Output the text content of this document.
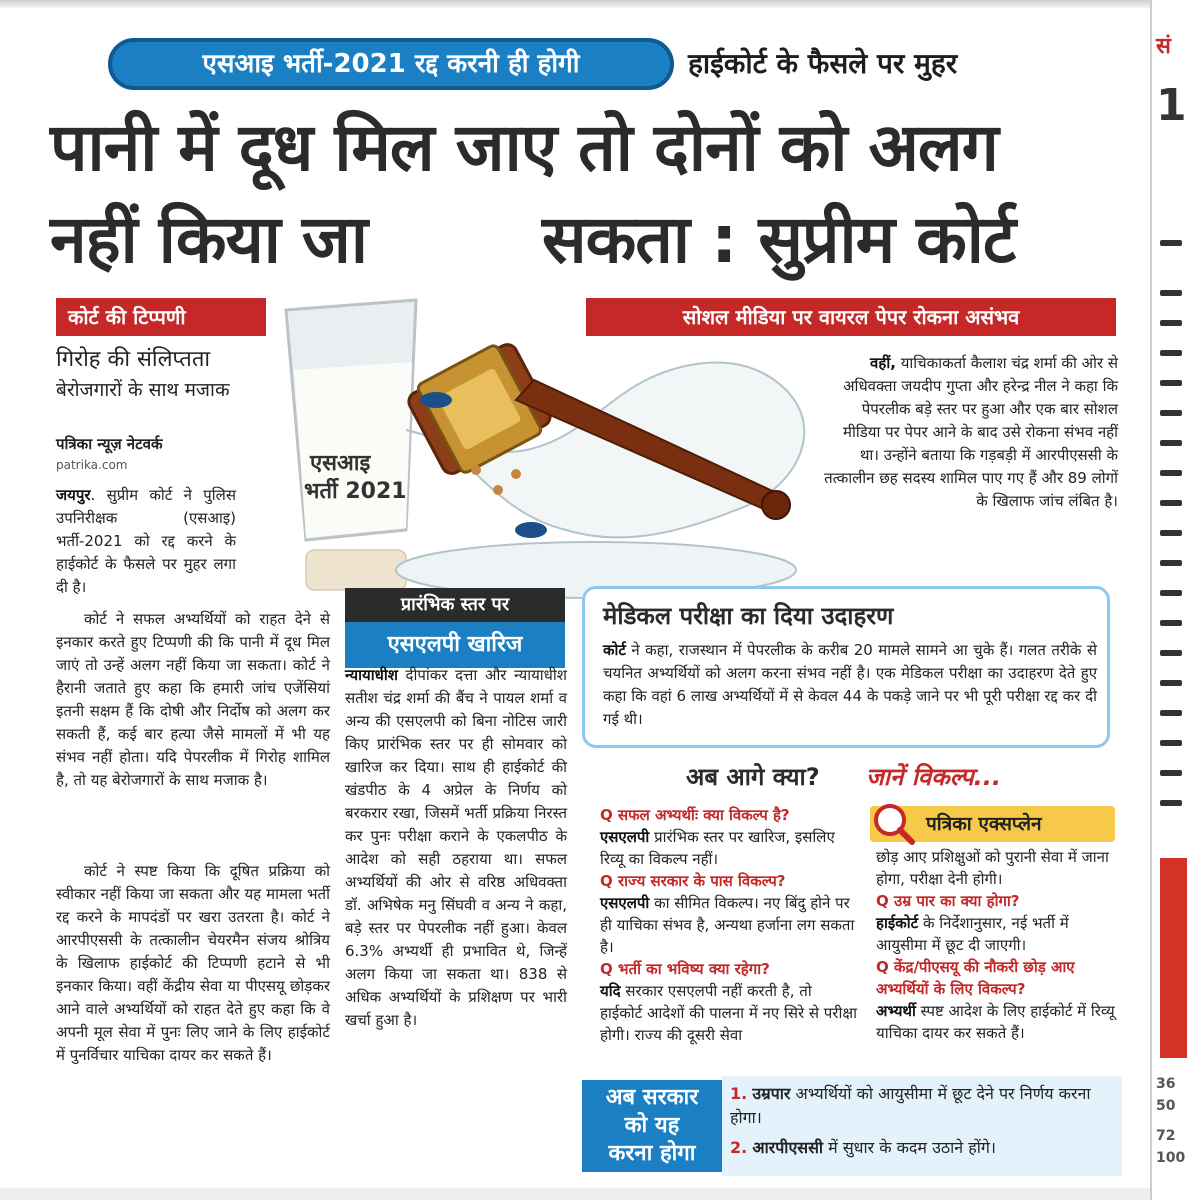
एसआइ भर्ती-2021 रद्द करनी ही होगी	हाईकोर्ट के फैसले पर मुहर
पानी में दूध मिल जाए तो दोनों को अलग
नहीं किया जा	सकता : सुप्रीम कोर्ट
कोर्ट की टिप्पणी	सोशल मीडिया पर वायरल पेपर रोकना असंभव
एसआइ
भर्ती 2021
गिरोह की संलिप्तता
बेरोजगारों के साथ मजाक
पत्रिका न्यूज़ नेटवर्क
patrika.com
जयपुर. सुप्रीम कोर्ट ने पुलिस उपनिरीक्षक (एसआइ) भर्ती-2021 को रद्द करने के हाईकोर्ट के फैसले पर मुहर लगा दी है।
कोर्ट ने सफल अभ्यर्थियों को राहत देने से इनकार करते हुए टिप्पणी की कि पानी में दूध मिल जाएं तो उन्हें अलग नहीं किया जा सकता। कोर्ट ने हैरानी जताते हुए कहा कि हमारी जांच एजेंसियां इतनी सक्षम हैं कि दोषी और निर्दोष को अलग कर सकती हैं, कई बार हत्या जैसे मामलों में भी यह संभव नहीं होता। यदि पेपरलीक में गिरोह शामिल है, तो यह बेरोजगारों के साथ मजाक है।
कोर्ट ने स्पष्ट किया कि दूषित प्रक्रिया को स्वीकार नहीं किया जा सकता और यह मामला भर्ती रद्द करने के मापदंडों पर खरा उतरता है। कोर्ट ने आरपीएससी के तत्कालीन चेयरमैन संजय श्रोत्रिय के खिलाफ हाईकोर्ट की टिप्पणी हटाने से भी इनकार किया। वहीं केंद्रीय सेवा या पीएसयू छोड़कर आने वाले अभ्यर्थियों को राहत देते हुए कहा कि वे अपनी मूल सेवा में पुनः लिए जाने के लिए हाईकोर्ट में पुनर्विचार याचिका दायर कर सकते हैं।
वहीं, याचिकाकर्ता कैलाश चंद्र शर्मा की ओर से अधिवक्ता जयदीप गुप्ता और हरेन्द्र नील ने कहा कि पेपरलीक बड़े स्तर पर हुआ और एक बार सोशल मीडिया पर पेपर आने के बाद उसे रोकना संभव नहीं था। उन्होंने बताया कि गड़बड़ी में आरपीएससी के तत्कालीन छह सदस्य शामिल पाए गए हैं और 89 लोगों के खिलाफ जांच लंबित है।
प्रारंभिक स्तर पर
एसएलपी खारिज
न्यायाधीश दीपांकर दत्ता और न्यायाधीश सतीश चंद्र शर्मा की बैंच ने पायल शर्मा व अन्य की एसएलपी को बिना नोटिस जारी किए प्रारंभिक स्तर पर ही सोमवार को खारिज कर दिया। साथ ही हाईकोर्ट की खंडपीठ के 4 अप्रेल के निर्णय को बरकरार रखा, जिसमें भर्ती प्रक्रिया निरस्त कर पुनः परीक्षा कराने के एकलपीठ के आदेश को सही ठहराया था। सफल अभ्यर्थियों की ओर से वरिष्ठ अधिवक्ता डॉ. अभिषेक मनु सिंघवी व अन्य ने कहा, बड़े स्तर पर पेपरलीक नहीं हुआ। केवल 6.3% अभ्यर्थी ही प्रभावित थे, जिन्हें अलग किया जा सकता था। 838 से अधिक अभ्यर्थियों के प्रशिक्षण पर भारी खर्चा हुआ है।
मेडिकल परीक्षा का दिया उदाहरण
कोर्ट ने कहा, राजस्थान में पेपरलीक के करीब 20 मामले सामने आ चुके हैं। गलत तरीके से चयनित अभ्यर्थियों को अलग करना संभव नहीं है। एक मेडिकल परीक्षा का उदाहरण देते हुए कहा कि वहां 6 लाख अभ्यर्थियों में से केवल 44 के पकड़े जाने पर भी पूरी परीक्षा रद्द कर दी गई थी।
अब आगे क्या? जानें विकल्प...
पत्रिका एक्सप्लेन
Q सफल अभ्यर्थीः क्या विकल्प है?
एसएलपी प्रारंभिक स्तर पर खारिज, इसलिए रिव्यू का विकल्प नहीं।
Q राज्य सरकार के पास विकल्प?
एसएलपी का सीमित विकल्प। नए बिंदु होने पर ही याचिका संभव है, अन्यथा हर्जाना लग सकता है।
Q भर्ती का भविष्य क्या रहेगा?
यदि सरकार एसएलपी नहीं करती है, तो हाईकोर्ट आदेशों की पालना में नए सिरे से परीक्षा होगी। राज्य की दूसरी सेवा
छोड़ आए प्रशिक्षुओं को पुरानी सेवा में जाना होगा, परीक्षा देनी होगी।
Q उम्र पार का क्या होगा?
हाईकोर्ट के निर्देशानुसार, नई भर्ती में आयुसीमा में छूट दी जाएगी।
Q केंद्र/पीएसयू की नौकरी छोड़ आए अभ्यर्थियों के लिए विकल्प?
अभ्यर्थी स्पष्ट आदेश के लिए हाईकोर्ट में रिव्यू याचिका दायर कर सकते हैं।
अब सरकार
को यह
करना होगा
1. उम्रपार अभ्यर्थियों को आयुसीमा में छूट देने पर निर्णय करना होगा।
2. आरपीएससी में सुधार के कदम उठाने होंगे।
सं
1
36
50
72
100
